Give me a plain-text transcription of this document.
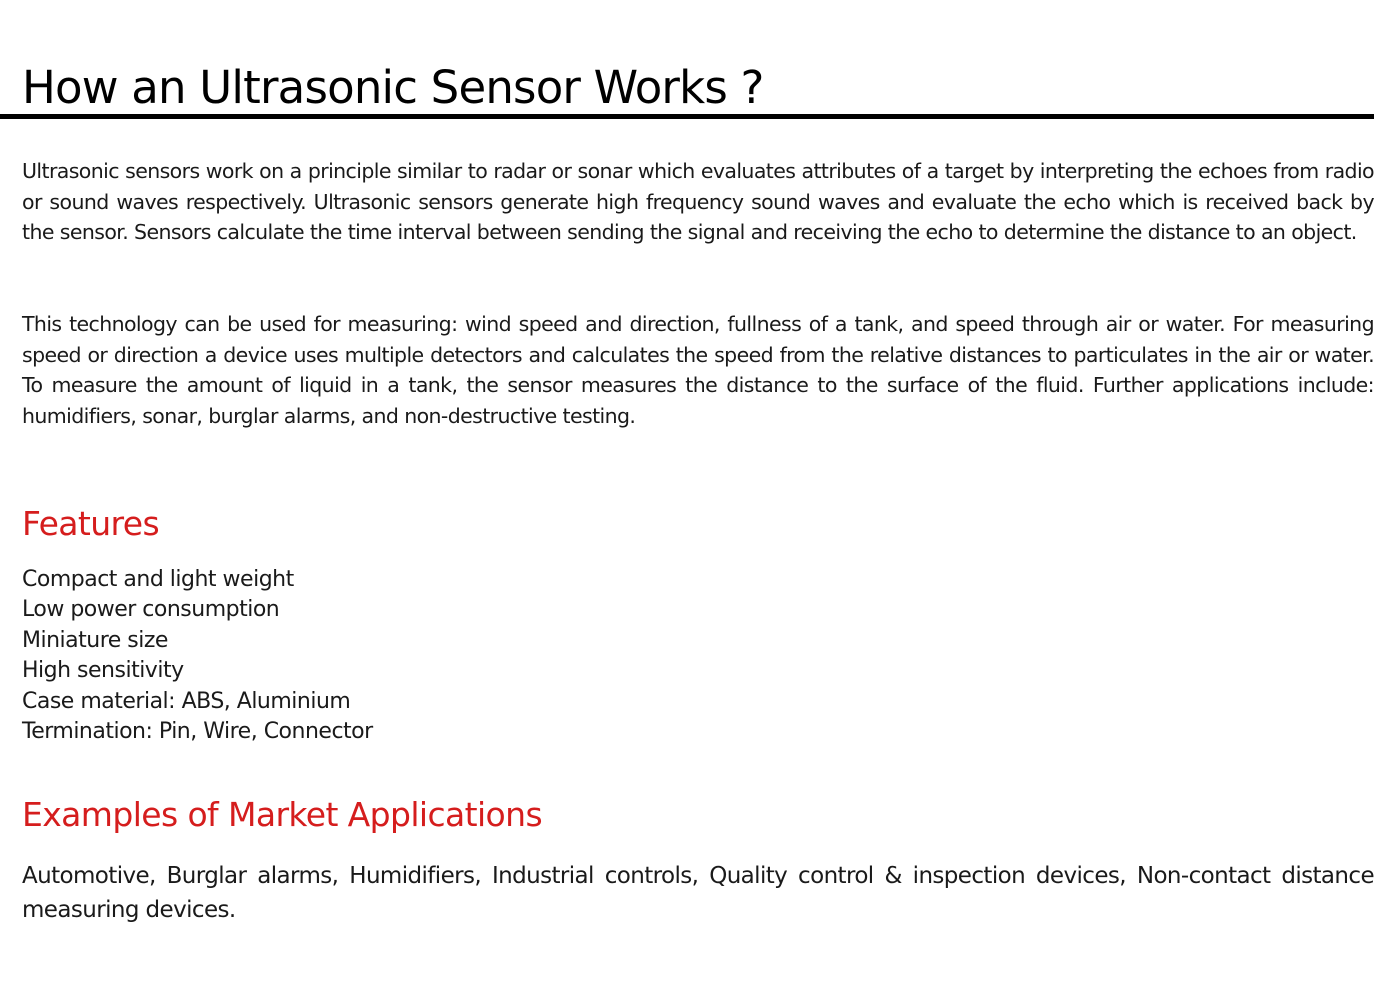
How an Ultrasonic Sensor Works ?

Ultrasonic sensors work on a principle similar to radar or sonar which evaluates attributes of a target by interpreting the echoes from radio or sound waves respectively. Ultrasonic sensors generate high frequency sound waves and evaluate the echo which is received back by the sensor. Sensors calculate the time interval between sending the signal and receiving the echo to determine the distance to an object.

This technology can be used for measuring: wind speed and direction, fullness of a tank, and speed through air or water. For measuring speed or direction a device uses multiple detectors and calculates the speed from the relative distances to particulates in the air or water. To measure the amount of liquid in a tank, the sensor measures the distance to the surface of the fluid. Further applications include: humidifiers, sonar, burglar alarms, and non-destructive testing.

Features
Compact and light weight
Low power consumption
Miniature size
High sensitivity
Case material: ABS, Aluminium
Termination: Pin, Wire, Connector
Examples of Market Applications

Automotive, Burglar alarms, Humidifiers, Industrial controls, Quality control & inspection devices, Non-contact distance measuring devices.
